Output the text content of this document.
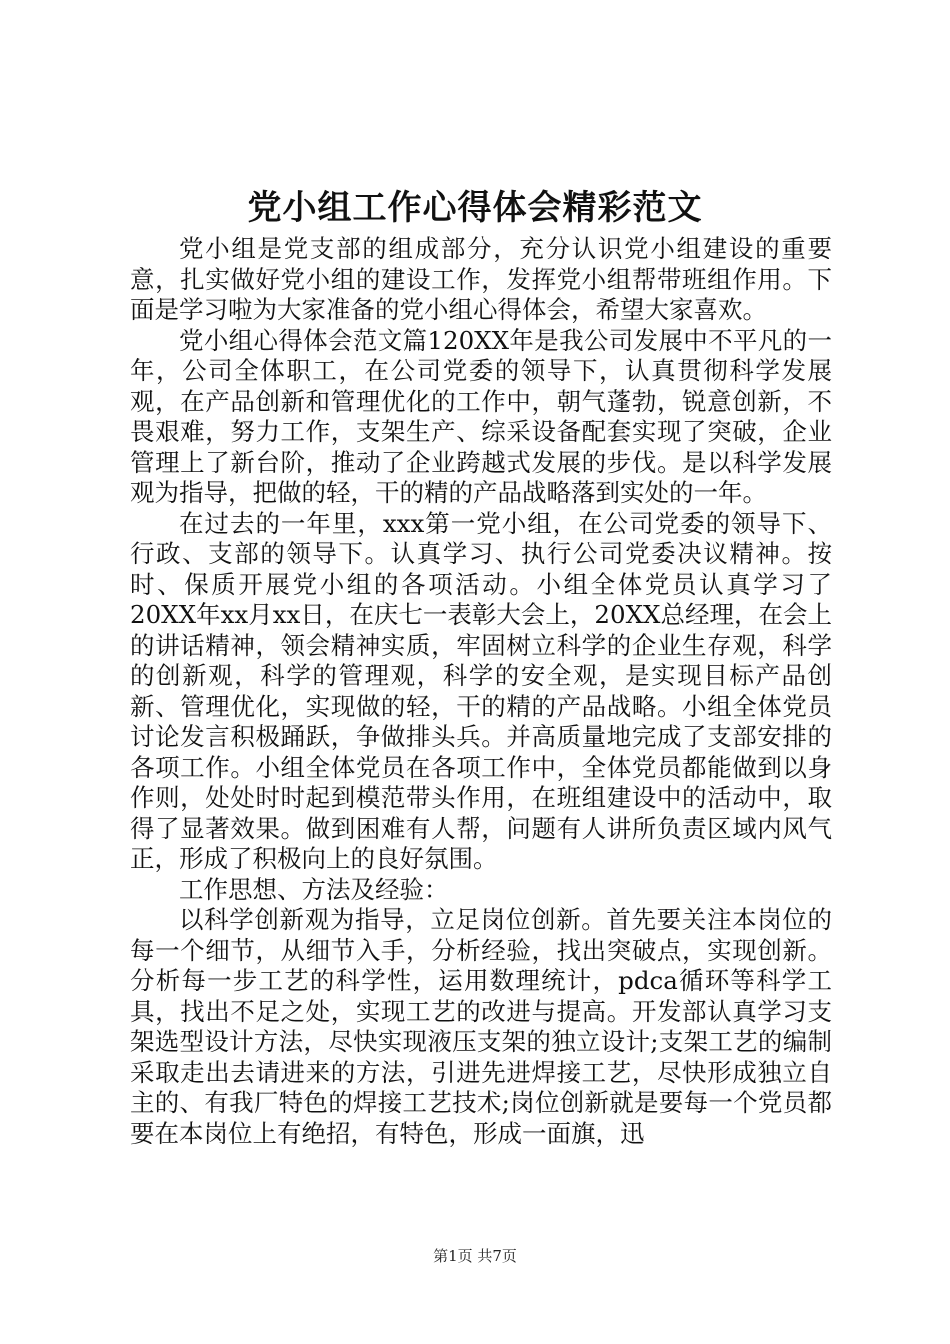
党小组工作心得体会精彩范文

党小组是党支部的组成部分，充分认识党小组建设的重要意，扎实做好党小组的建设工作，发挥党小组帮带班组作用。下面是学习啦为大家准备的党小组心得体会，希望大家喜欢。

党小组心得体会范文篇120XX年是我公司发展中不平凡的一年，公司全体职工，在公司党委的领导下，认真贯彻科学发展观，在产品创新和管理优化的工作中，朝气蓬勃，锐意创新，不畏艰难，努力工作，支架生产、综采设备配套实现了突破，企业管理上了新台阶，推动了企业跨越式发展的步伐。是以科学发展观为指导，把做的轻，干的精的产品战略落到实处的一年。

在过去的一年里，xxx第一党小组，在公司党委的领导下、行政、支部的领导下。认真学习、执行公司党委决议精神。按时、保质开展党小组的各项活动。小组全体党员认真学习了20XX年xx月xx日，在庆七一表彰大会上，20XX总经理，在会上的讲话精神，领会精神实质，牢固树立科学的企业生存观，科学的创新观，科学的管理观，科学的安全观，是实现目标产品创新、管理优化，实现做的轻，干的精的产品战略。小组全体党员讨论发言积极踊跃，争做排头兵。并高质量地完成了支部安排的各项工作。小组全体党员在各项工作中，全体党员都能做到以身作则，处处时时起到模范带头作用，在班组建设中的活动中，取得了显著效果。做到困难有人帮，问题有人讲所负责区域内风气正，形成了积极向上的良好氛围。

工作思想、方法及经验：

以科学创新观为指导，立足岗位创新。首先要关注本岗位的每一个细节，从细节入手，分析经验，找出突破点，实现创新。分析每一步工艺的科学性，运用数理统计，pdca循环等科学工具，找出不足之处，实现工艺的改进与提高。开发部认真学习支架选型设计方法，尽快实现液压支架的独立设计;支架工艺的编制采取走出去请进来的方法，引进先进焊接工艺，尽快形成独立自主的、有我厂特色的焊接工艺技术;岗位创新就是要每一个党员都要在本岗位上有绝招，有特色，形成一面旗，迅

第1页 共7页
